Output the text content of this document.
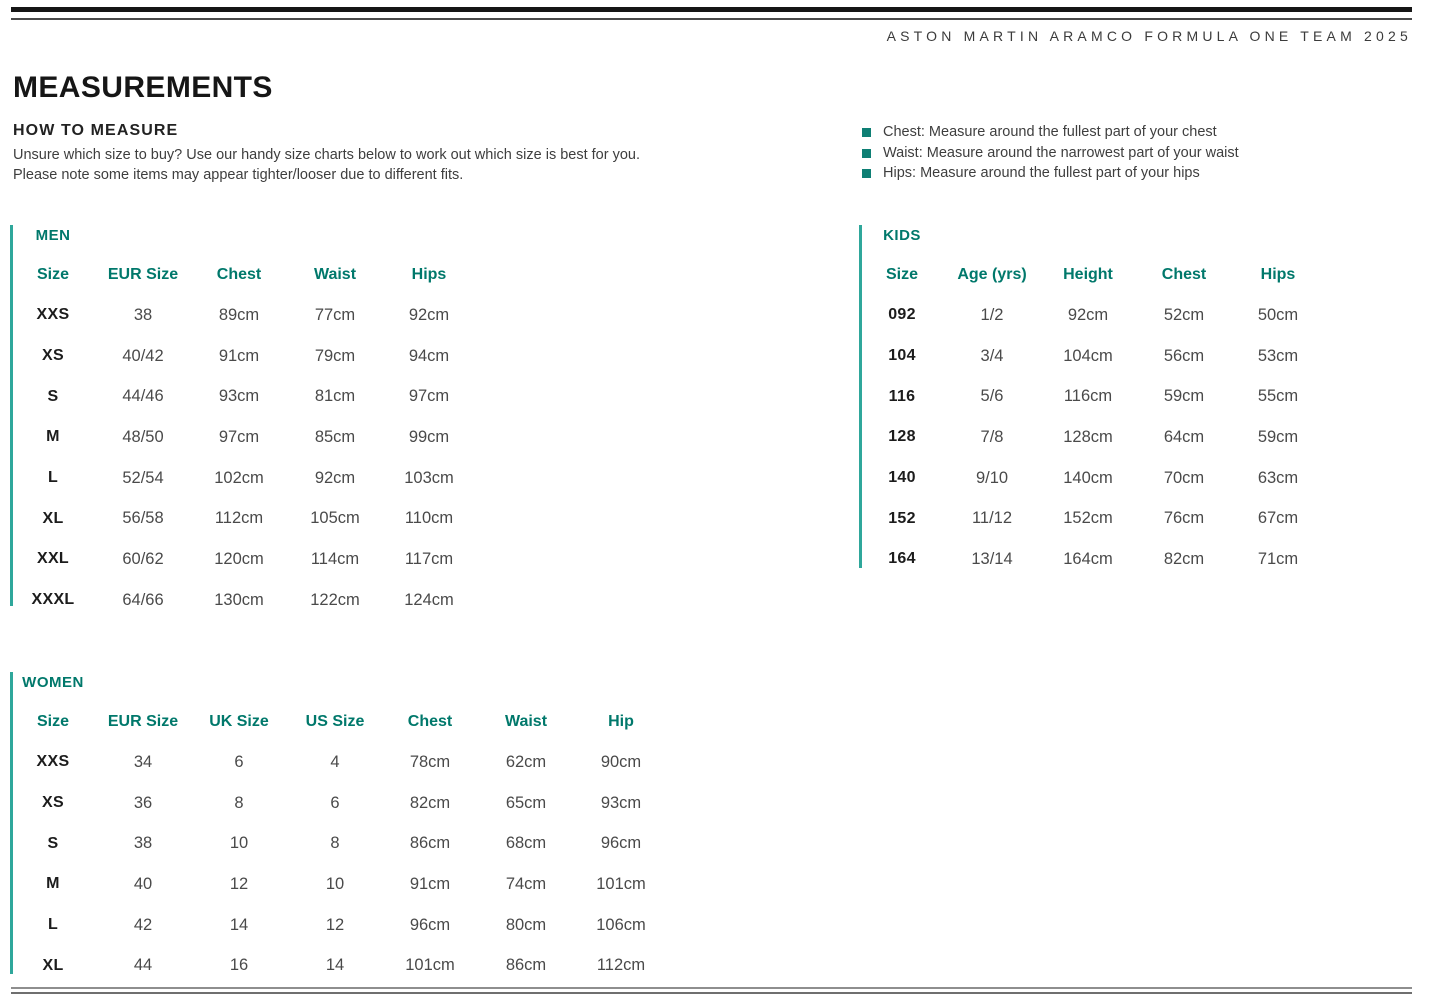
ASTON MARTIN ARAMCO FORMULA ONE TEAM 2025
MEASUREMENTS
HOW TO MEASURE
Unsure which size to buy? Use our handy size charts below to work out which size is best for you.
Please note some items may appear tighter/looser due to different fits.
Chest: Measure around the fullest part of your chest
Waist: Measure around the narrowest part of your waist
Hips: Measure around the fullest part of your hips
MEN
Size	EUR Size	Chest	Waist	Hips
XXS	38	89cm	77cm	92cm
XS	40/42	91cm	79cm	94cm
S	44/46	93cm	81cm	97cm
M	48/50	97cm	85cm	99cm
L	52/54	102cm	92cm	103cm
XL	56/58	112cm	105cm	110cm
XXL	60/62	120cm	114cm	117cm
XXXL	64/66	130cm	122cm	124cm
KIDS
Size	Age (yrs)	Height	Chest	Hips
092	1/2	92cm	52cm	50cm
104	3/4	104cm	56cm	53cm
116	5/6	116cm	59cm	55cm
128	7/8	128cm	64cm	59cm
140	9/10	140cm	70cm	63cm
152	11/12	152cm	76cm	67cm
164	13/14	164cm	82cm	71cm
WOMEN
Size	EUR Size	UK Size	US Size	Chest	Waist	Hip
XXS	34	6	4	78cm	62cm	90cm
XS	36	8	6	82cm	65cm	93cm
S	38	10	8	86cm	68cm	96cm
M	40	12	10	91cm	74cm	101cm
L	42	14	12	96cm	80cm	106cm
XL	44	16	14	101cm	86cm	112cm
